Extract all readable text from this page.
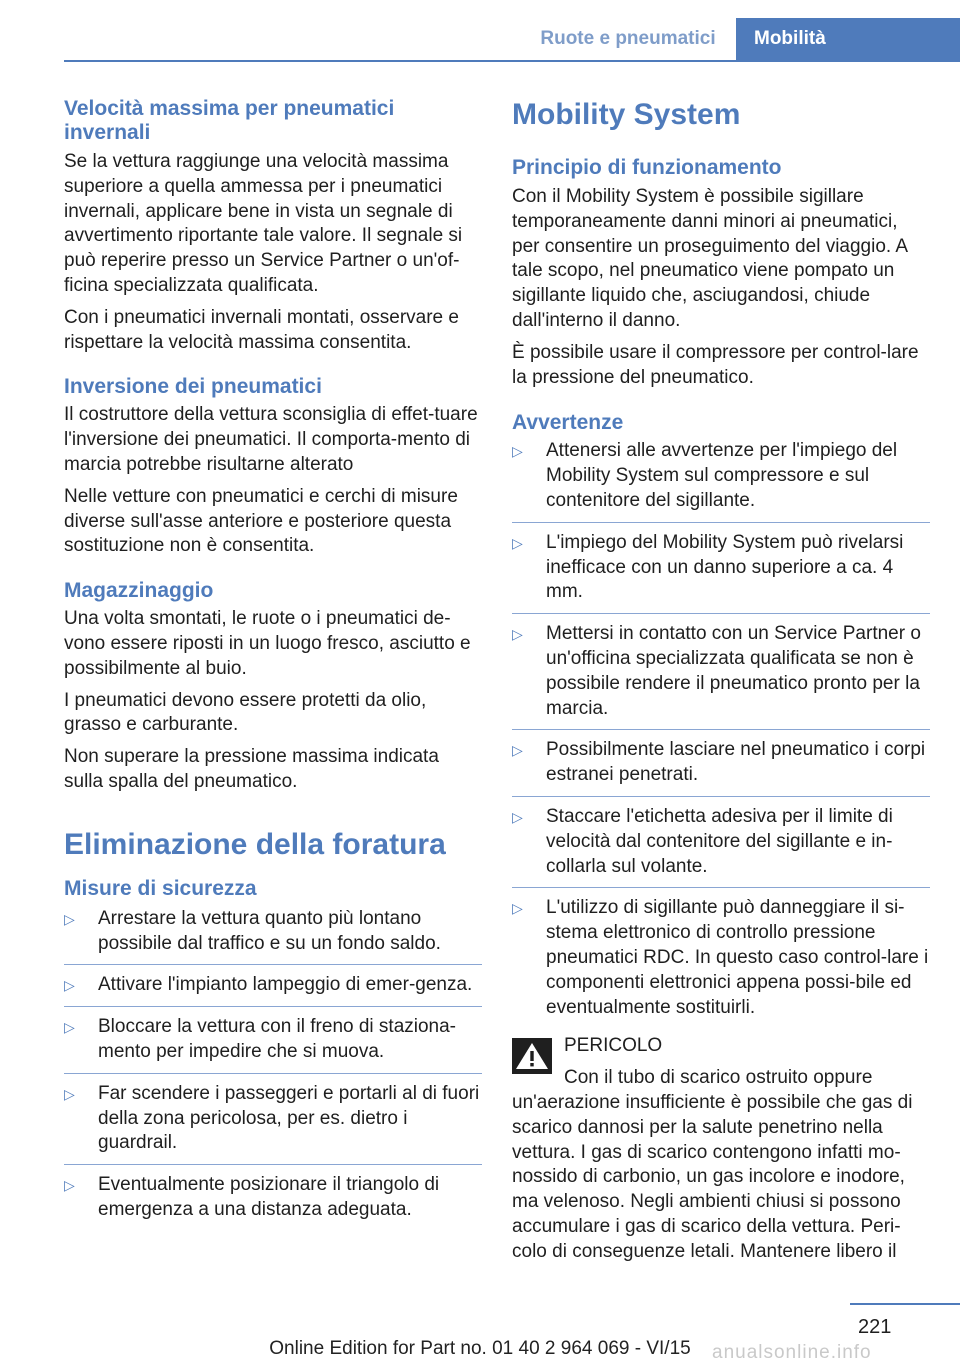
Ruote e pneumatici Mobilità
Velocità massima per pneumatici invernali

Se la vettura raggiunge una velocità massima superiore a quella ammessa per i pneumatici invernali, applicare bene in vista un segnale di avvertimento riportante tale valore. Il segnale si può reperire presso un Service Partner o un'of-ficina specializzata qualificata.

Con i pneumatici invernali montati, osservare e rispettare la velocità massima consentita.

Inversione dei pneumatici

Il costruttore della vettura sconsiglia di effet-tuare l'inversione dei pneumatici. Il comporta-mento di marcia potrebbe risultarne alterato

Nelle vetture con pneumatici e cerchi di misure diverse sull'asse anteriore e posteriore questa sostituzione non è consentita.

Magazzinaggio

Una volta smontati, le ruote o i pneumatici de-vono essere riposti in un luogo fresco, asciutto e possibilmente al buio.

I pneumatici devono essere protetti da olio, grasso e carburante.

Non superare la pressione massima indicata sulla spalla del pneumatico.

Eliminazione della foratura
Misure di sicurezza
▷	Arrestare la vettura quanto più lontano possibile dal traffico e su un fondo saldo.
▷	Attivare l'impianto lampeggio di emer-genza.
▷	Bloccare la vettura con il freno di staziona-mento per impedire che si muova.
▷	Far scendere i passeggeri e portarli al di fuori della zona pericolosa, per es. dietro i guardrail.
▷	Eventualmente posizionare il triangolo di emergenza a una distanza adeguata.
Mobility System
Principio di funzionamento

Con il Mobility System è possibile sigillare temporaneamente danni minori ai pneumatici, per consentire un proseguimento del viaggio. A tale scopo, nel pneumatico viene pompato un sigillante liquido che, asciugandosi, chiude dall'interno il danno.

È possibile usare il compressore per control-lare la pressione del pneumatico.

Avvertenze
▷	Attenersi alle avvertenze per l'impiego del Mobility System sul compressore e sul contenitore del sigillante.
▷	L'impiego del Mobility System può rivelarsi inefficace con un danno superiore a ca. 4 mm.
▷	Mettersi in contatto con un Service Partner o un'officina specializzata qualificata se non è possibile rendere il pneumatico pronto per la marcia.
▷	Possibilmente lasciare nel pneumatico i corpi estranei penetrati.
▷	Staccare l'etichetta adesiva per il limite di velocità dal contenitore del sigillante e in-collarla sul volante.
▷	L'utilizzo di sigillante può danneggiare il si-stema elettronico di controllo pressione pneumatici RDC. In questo caso control-lare i componenti elettronici appena possi-bile ed eventualmente sostituirli.

PERICOLO

Con il tubo di scarico ostruito oppure

un'aerazione insufficiente è possibile che gas di scarico dannosi per la salute penetrino nella vettura. I gas di scarico contengono infatti mo-nossido di carbonio, un gas incolore e inodore, ma velenoso. Negli ambienti chiusi si possono accumulare i gas di scarico della vettura. Peri-colo di conseguenze letali. Mantenere libero il

221
Online Edition for Part no. 01 40 2 964 069 - VI/15	anualsonline.info
